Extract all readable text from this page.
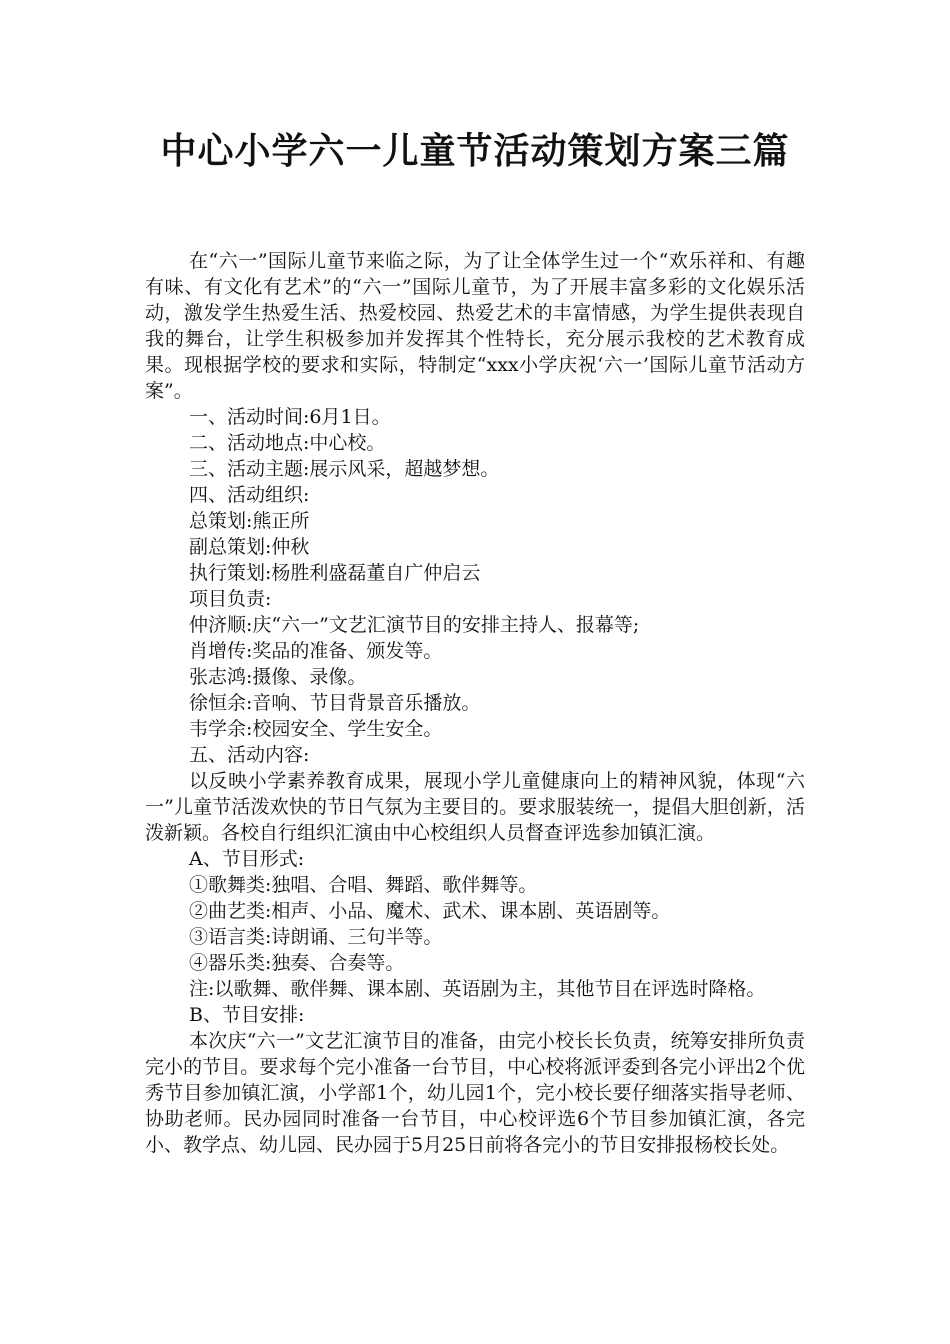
中心小学六一儿童节活动策划方案三篇

在“六一”国际儿童节来临之际，为了让全体学生过一个“欢乐祥和、有趣有味、有文化有艺术”的“六一”国际儿童节，为了开展丰富多彩的文化娱乐活动，激发学生热爱生活、热爱校园、热爱艺术的丰富情感，为学生提供表现自我的舞台，让学生积极参加并发挥其个性特长，充分展示我校的艺术教育成果。现根据学校的要求和实际，特制定“xxx小学庆祝‘六一’国际儿童节活动方案”。

一、活动时间:6月1日。

二、活动地点:中心校。

三、活动主题:展示风采，超越梦想。

四、活动组织:

总策划:熊正所

副总策划:仲秋

执行策划:杨胜利盛磊董自广仲启云

项目负责:

仲济顺:庆“六一”文艺汇演节目的安排主持人、报幕等;

肖增传:奖品的准备、颁发等。

张志鸿:摄像、录像。

徐恒余:音响、节目背景音乐播放。

韦学余:校园安全、学生安全。

五、活动内容:

以反映小学素养教育成果，展现小学儿童健康向上的精神风貌，体现“六一”儿童节活泼欢快的节日气氛为主要目的。要求服装统一，提倡大胆创新，活泼新颖。各校自行组织汇演由中心校组织人员督查评选参加镇汇演。

A、节目形式:

①歌舞类:独唱、合唱、舞蹈、歌伴舞等。

②曲艺类:相声、小品、魔术、武术、课本剧、英语剧等。

③语言类:诗朗诵、三句半等。

④器乐类:独奏、合奏等。

注:以歌舞、歌伴舞、课本剧、英语剧为主，其他节目在评选时降格。

B、节目安排:

本次庆“六一”文艺汇演节目的准备，由完小校长长负责，统筹安排所负责完小的节目。要求每个完小准备一台节目，中心校将派评委到各完小评出2个优秀节目参加镇汇演，小学部1个，幼儿园1个，完小校长要仔细落实指导老师、协助老师。民办园同时准备一台节目，中心校评选6个节目参加镇汇演，各完小、教学点、幼儿园、民办园于5月25日前将各完小的节目安排报杨校长处。
